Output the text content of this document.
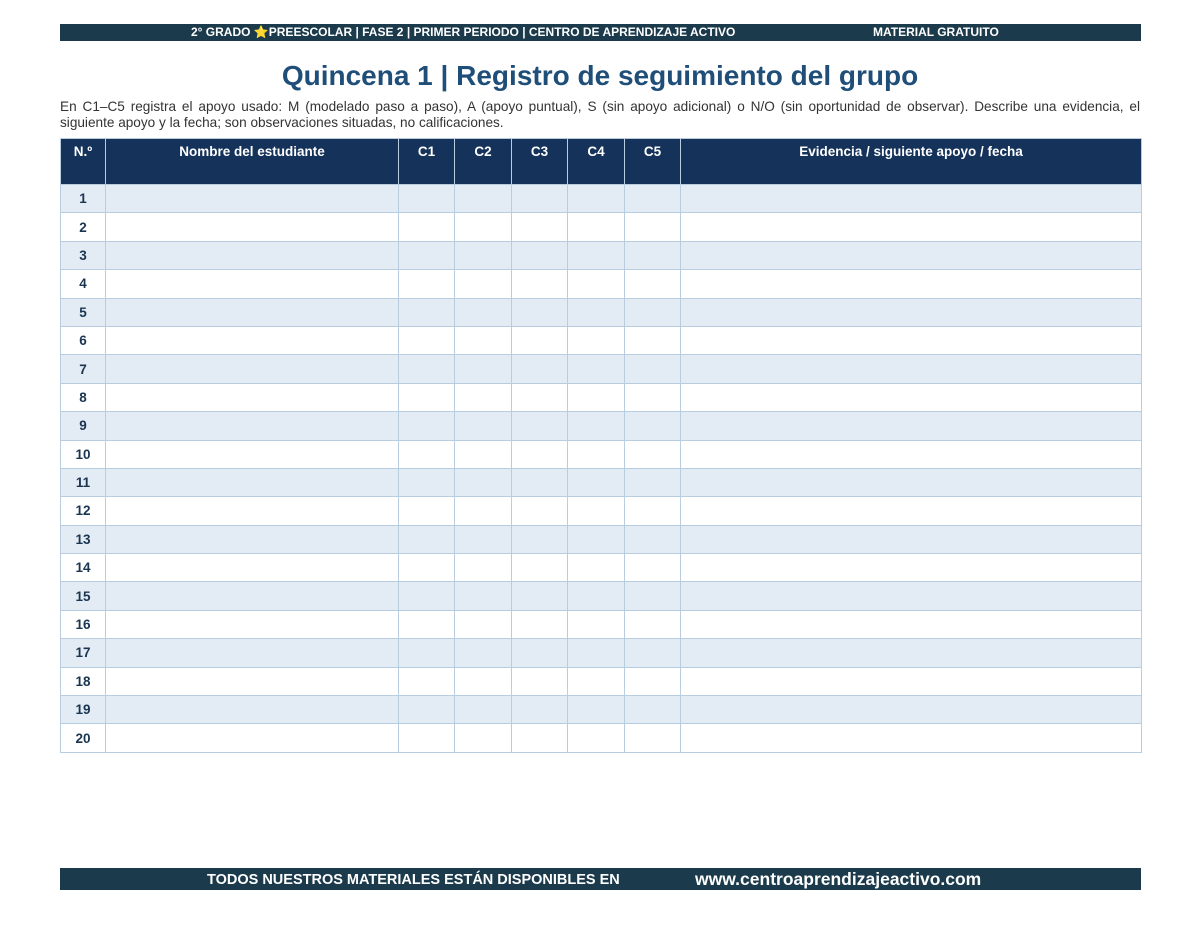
2° GRADO ⭐PREESCOLAR | FASE 2 | PRIMER PERIODO | CENTRO DE APRENDIZAJE ACTIVO	MATERIAL GRATUITO
Quincena 1 | Registro de seguimiento del grupo
En C1–C5 registra el apoyo usado: M (modelado paso a paso), A (apoyo puntual), S (sin apoyo adicional) o N/O (sin oportunidad de observar). Describe una evidencia, el siguiente apoyo y la fecha; son observaciones situadas, no calificaciones.
N.º	Nombre del estudiante	C1	C2	C3	C4	C5	Evidencia / siguiente apoyo / fecha
1							
2							
3							
4							
5							
6							
7							
8							
9							
10							
11							
12							
13							
14							
15							
16							
17							
18							
19							
20							
TODOS NUESTROS MATERIALES ESTÁN DISPONIBLES EN	www.centroaprendizajeactivo.com
